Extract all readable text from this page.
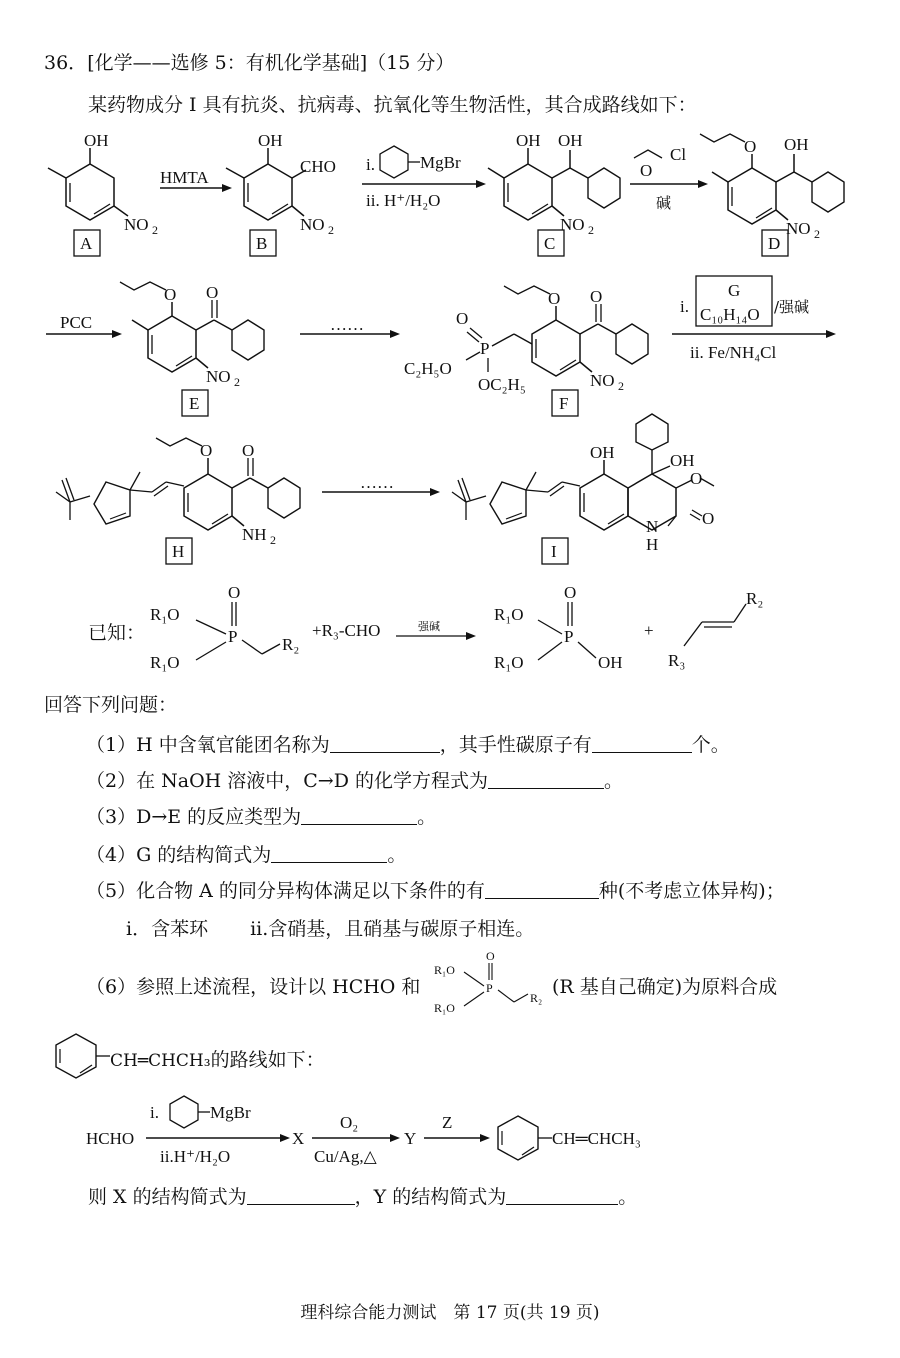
36．[化学——选修 5：有机化学基础]（15 分）
某药物成分 I 具有抗炎、抗病毒、抗氧化等生物活性，其合成路线如下：
OH
NO 2
HMTA
OH
CHO
NO 2
i.	MgBr
ii. H⁺/H₂O
OH OH
NO 2
O
Cl
碱
O OH
NO 2
A	B	C	D
PCC
O O
NO 2
……	O
P
C₂H₅O
OC₂H₅
O O
NO 2
G
C₁₀H₁₄O
i.	/强碱
ii. Fe/NH₄Cl
E	F
O O
NH 2
……
OH	OH
O
O
N
H
H	I
已知：
R₁O
R₁O
O
P	R₂
+R₃-CHO	强碱
R₁O
R₁O
O
P
OH
+
R₂
R₃
回答下列问题：
（1）H 中含氧官能团名称为	，其手性碳原子有	个。
（2）在 NaOH 溶液中，C→D 的化学方程式为	。
（3）D→E 的反应类型为	。
（4）G 的结构简式为	。
（5）化合物 A 的同分异构体满足以下条件的有	种(不考虑立体异构)；
i．含苯环 ii.含硝基，且硝基与碳原子相连。
（6）参照上述流程，设计以 HCHO 和
R₁O
R₁O
O
P
R₂ (R 基自己确定)为原料合成
CH═CHCH₃的路线如下：
HCHO
i.	MgBr
ii.H⁺/H₂O
X
O₂
Cu/Ag,△
Y
Z
CH═CHCH₃
则 X 的结构简式为	，Y 的结构简式为	。
理科综合能力测试　第 17 页(共 19 页)
